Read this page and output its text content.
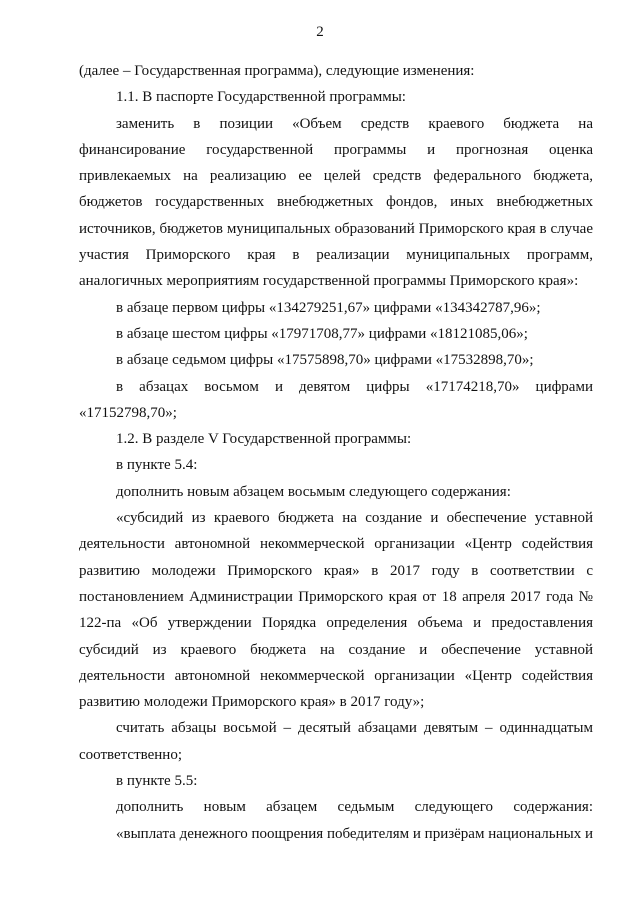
2

(далее – Государственная программа), следующие изменения:

1.1. В паспорте Государственной программы:

заменить в позиции «Объем средств краевого бюджета на финансирование государственной программы и прогнозная оценка привлекаемых на реализацию ее целей средств федерального бюджета, бюджетов государственных внебюджетных фондов, иных внебюджетных источников, бюджетов муниципальных образований Приморского края в случае участия Приморского края в реализации муниципальных программ, аналогичных мероприятиям государственной программы Приморского края»:

в абзаце первом цифры «134279251,67» цифрами «134342787,96»;

в абзаце шестом цифры «17971708,77» цифрами «18121085,06»;

в абзаце седьмом цифры «17575898,70» цифрами «17532898,70»;

в абзацах восьмом и девятом цифры «17174218,70» цифрами «17152798,70»;

1.2. В разделе V Государственной программы:

в пункте 5.4:

дополнить новым абзацем восьмым следующего содержания:

«субсидий из краевого бюджета на создание и обеспечение уставной деятельности автономной некоммерческой организации «Центр содействия развитию молодежи Приморского края» в 2017 году в соответствии с постановлением Администрации Приморского края от 18 апреля 2017 года № 122-па «Об утверждении Порядка определения объема и предоставления субсидий из краевого бюджета на создание и обеспечение уставной деятельности автономной некоммерческой организации «Центр содействия развитию молодежи Приморского края» в 2017 году»;

считать абзацы восьмой – десятый абзацами девятым – одиннадцатым соответственно;

в пункте 5.5:

дополнить новым абзацем седьмым следующего содержания:

«выплата денежного поощрения победителям и призёрам национальных и
